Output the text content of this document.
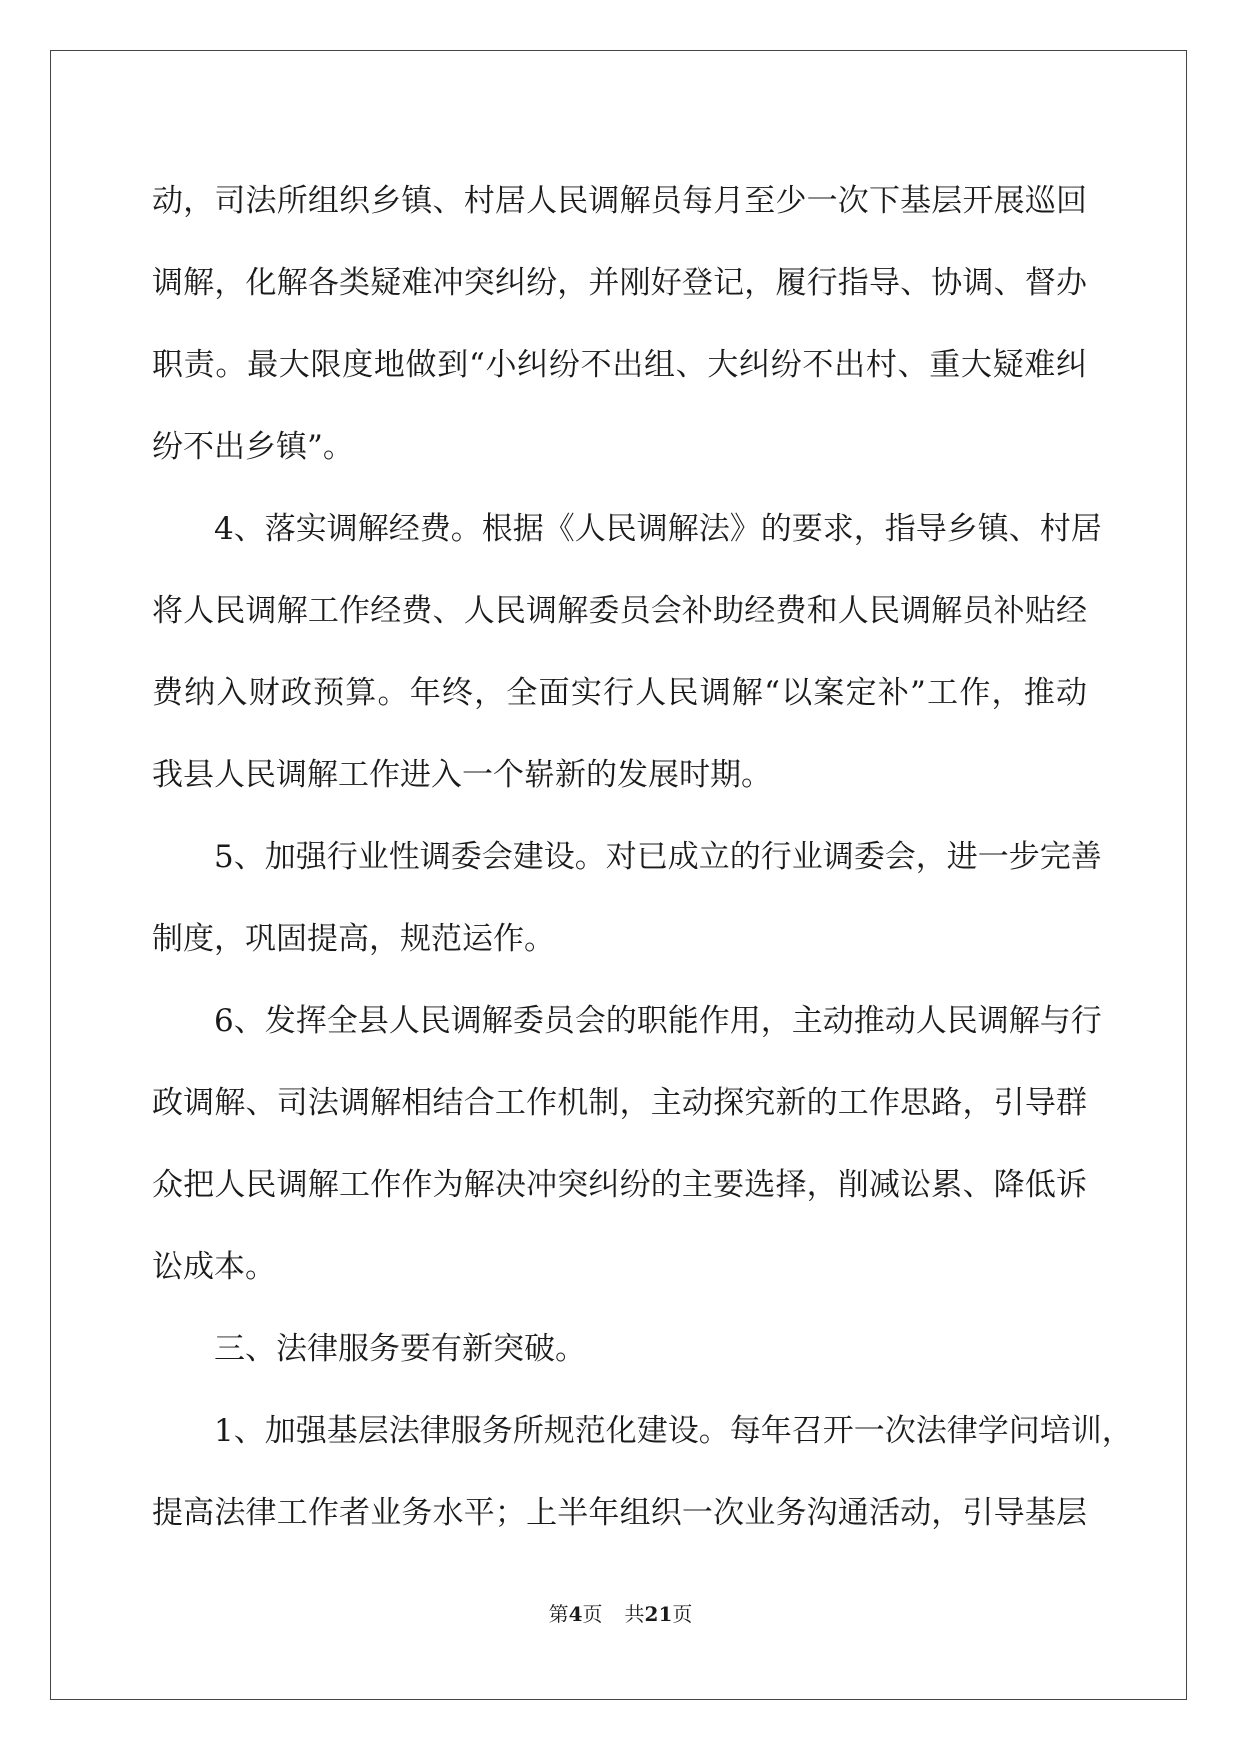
动，司法所组织乡镇、村居人民调解员每月至少一次下基层开展巡回
调解，化解各类疑难冲突纠纷，并刚好登记，履行指导、协调、督办
职责。最大限度地做到“小纠纷不出组、大纠纷不出村、重大疑难纠
纷不出乡镇”。
4、落实调解经费。根据《人民调解法》的要求，指导乡镇、村居
将人民调解工作经费、人民调解委员会补助经费和人民调解员补贴经
费纳入财政预算。年终，全面实行人民调解“以案定补”工作，推动
我县人民调解工作进入一个崭新的发展时期。
5、加强行业性调委会建设。对已成立的行业调委会，进一步完善
制度，巩固提高，规范运作。
6、发挥全县人民调解委员会的职能作用，主动推动人民调解与行
政调解、司法调解相结合工作机制，主动探究新的工作思路，引导群
众把人民调解工作作为解决冲突纠纷的主要选择，削减讼累、降低诉
讼成本。
三、法律服务要有新突破。
1、加强基层法律服务所规范化建设。每年召开一次法律学问培训，
提高法律工作者业务水平；上半年组织一次业务沟通活动，引导基层
第4页 共21页
